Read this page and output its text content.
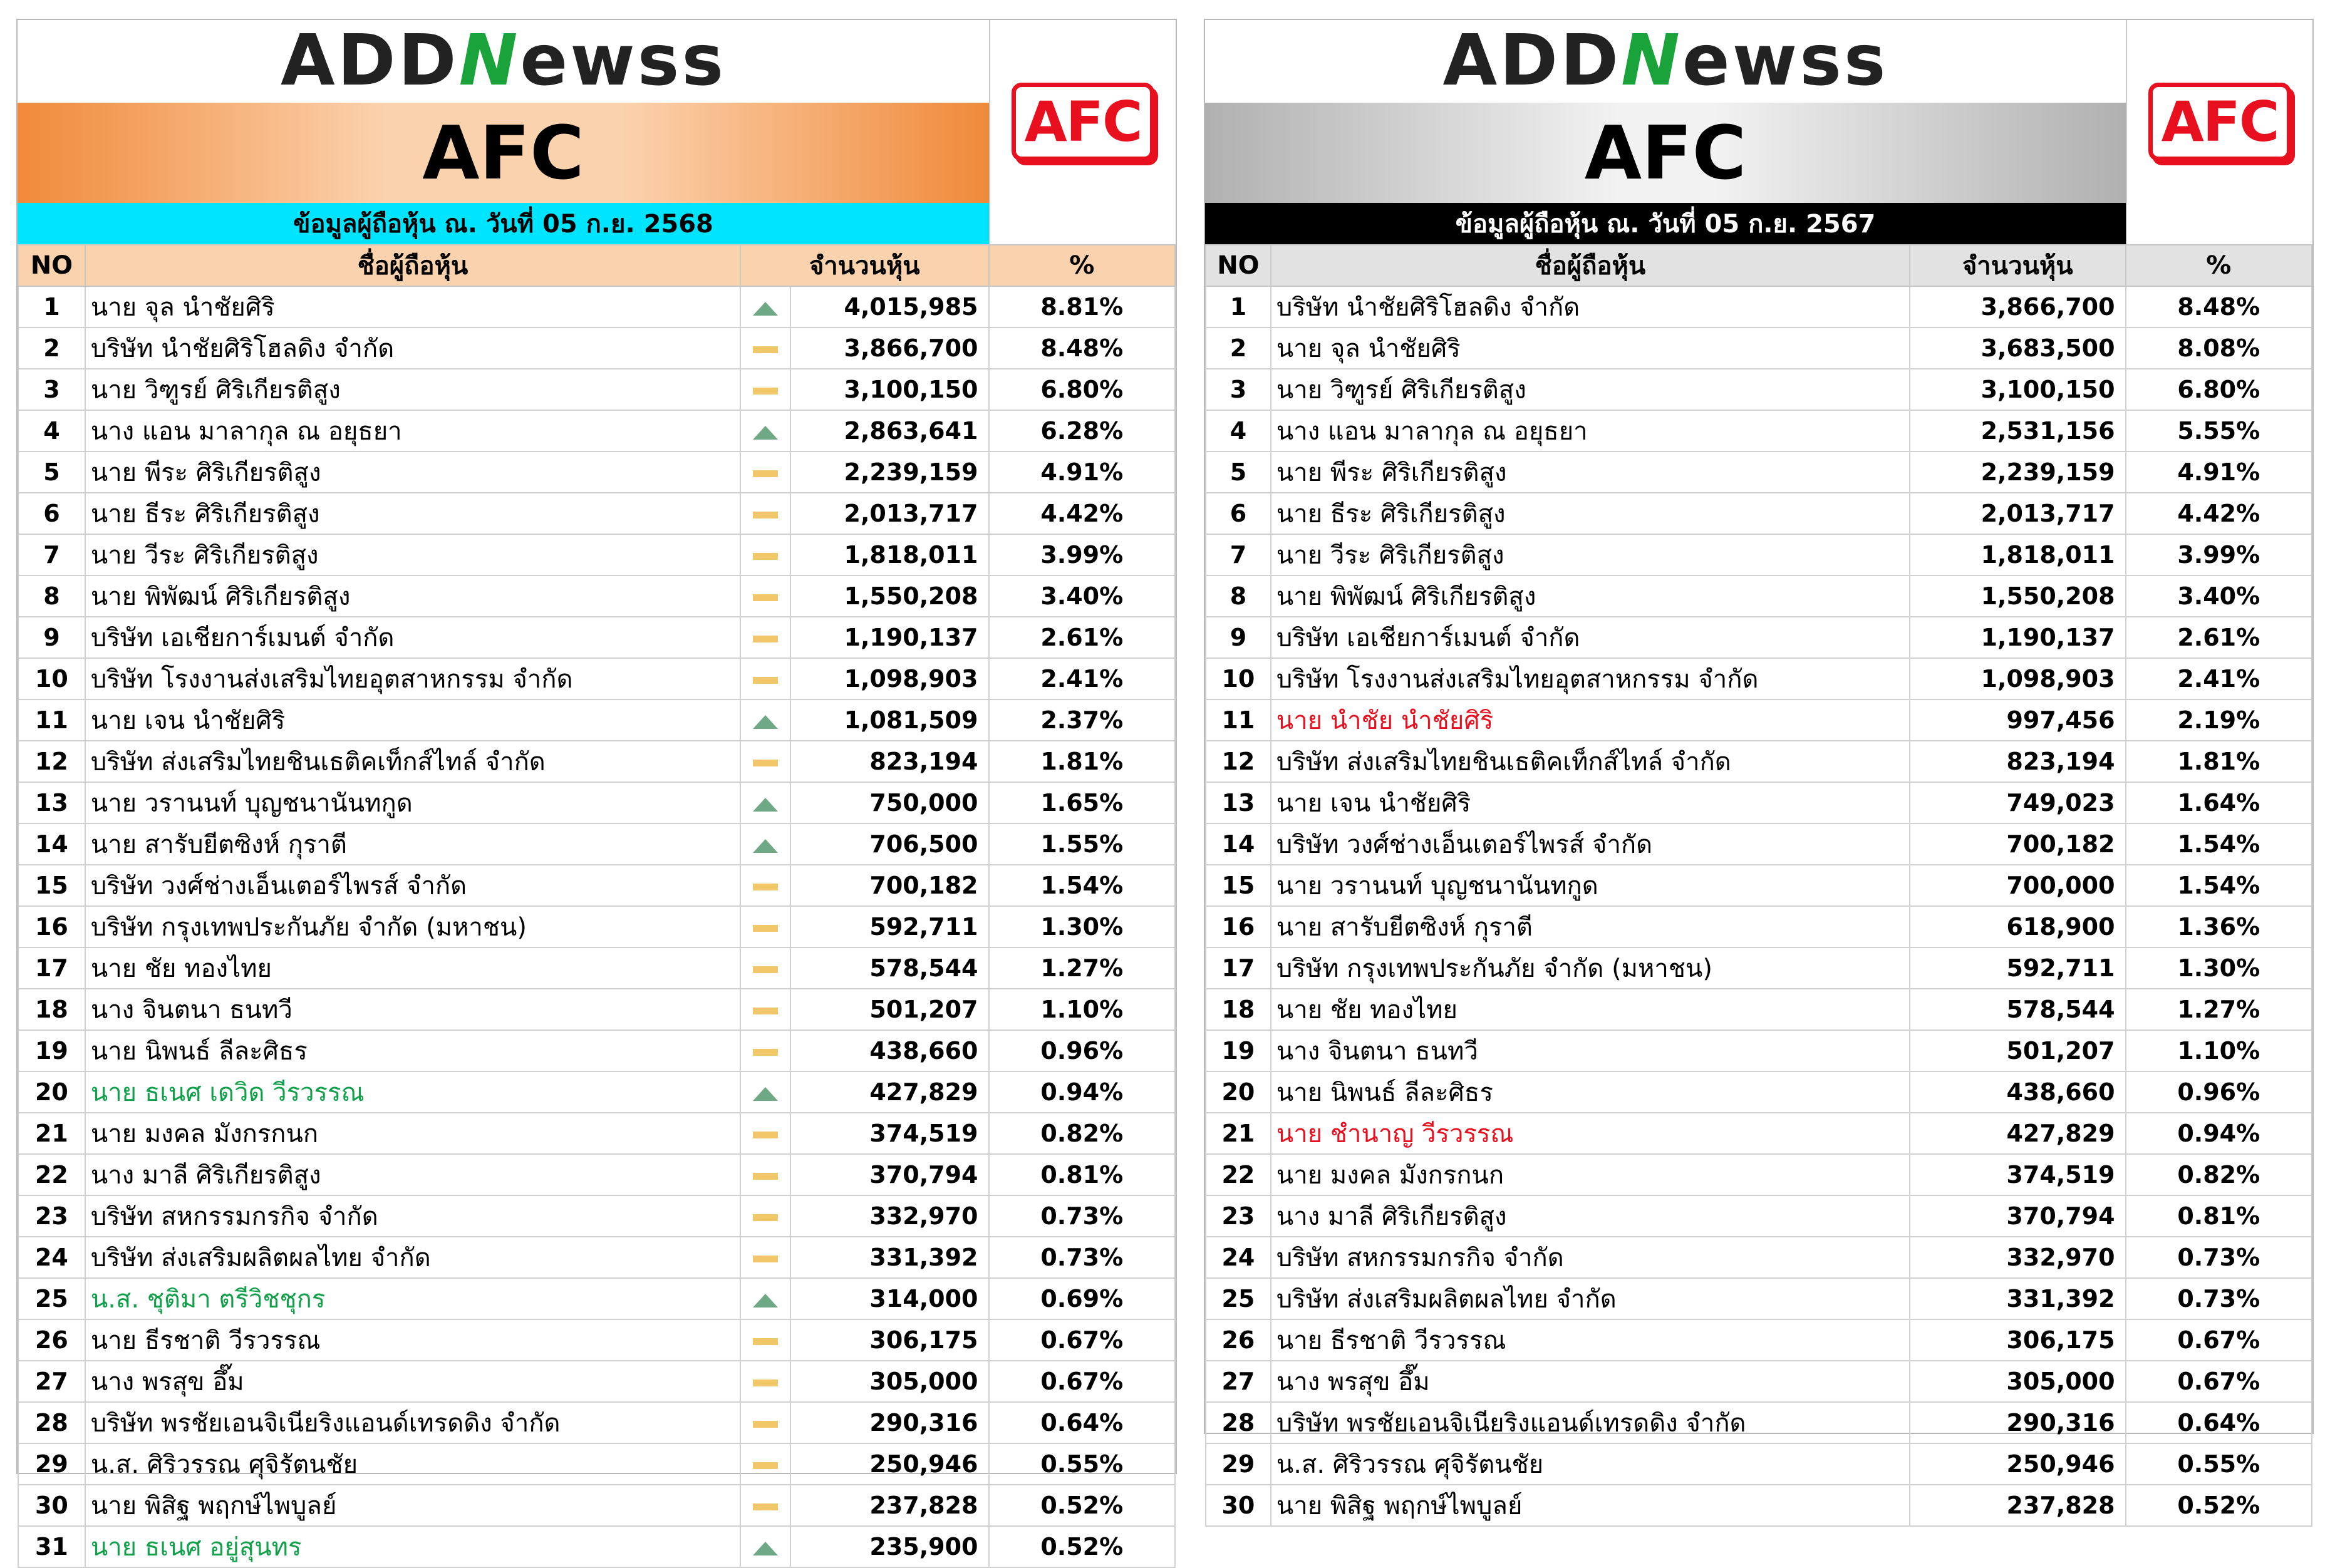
ADDNewss
AFC
ข้อมูลผู้ถือหุ้น ณ. วันที่ 05 ก.ย. 2568
AFC
NO	ชื่อผู้ถือหุ้น	จำนวนหุ้น		%
1	นาย จุล นำชัยศิริ		4,015,985	8.81%
2	บริษัท นำชัยศิริโฮลดิง จำกัด		3,866,700	8.48%
3	นาย วิฑูรย์ ศิริเกียรติสูง		3,100,150	6.80%
4	นาง แอน มาลากุล ณ อยุธยา		2,863,641	6.28%
5	นาย พีระ ศิริเกียรติสูง		2,239,159	4.91%
6	นาย ธีระ ศิริเกียรติสูง		2,013,717	4.42%
7	นาย วีระ ศิริเกียรติสูง		1,818,011	3.99%
8	นาย พิพัฒน์ ศิริเกียรติสูง		1,550,208	3.40%
9	บริษัท เอเชียการ์เมนต์ จำกัด		1,190,137	2.61%
10	บริษัท โรงงานส่งเสริมไทยอุตสาหกรรม จำกัด		1,098,903	2.41%
11	นาย เจน นำชัยศิริ		1,081,509	2.37%
12	บริษัท ส่งเสริมไทยชินเธติคเท็กส์ไทล์ จำกัด		823,194	1.81%
13	นาย วรานนท์ บุญชนานันทกูด		750,000	1.65%
14	นาย สารับยีตซิงห์ กุราตี		706,500	1.55%
15	บริษัท วงศ์ช่างเอ็นเตอร์ไพรส์ จำกัด		700,182	1.54%
16	บริษัท กรุงเทพประกันภัย จำกัด (มหาชน)		592,711	1.30%
17	นาย ชัย ทองไทย		578,544	1.27%
18	นาง จินตนา ธนทวี		501,207	1.10%
19	นาย นิพนธ์ ลีละศิธร		438,660	0.96%
20	นาย ธเนศ เดวิด วีรวรรณ		427,829	0.94%
21	นาย มงคล มังกรกนก		374,519	0.82%
22	นาง มาลี ศิริเกียรติสูง		370,794	0.81%
23	บริษัท สหกรรมกรกิจ จำกัด		332,970	0.73%
24	บริษัท ส่งเสริมผลิตผลไทย จำกัด		331,392	0.73%
25	น.ส. ชุติมา ตรีวิชชุกร		314,000	0.69%
26	นาย ธีรชาติ วีรวรรณ		306,175	0.67%
27	นาง พรสุข อึ๊ม		305,000	0.67%
28	บริษัท พรชัยเอนจิเนียริงแอนด์เทรดดิง จำกัด		290,316	0.64%
29	น.ส. ศิริวรรณ ศุจิรัตนชัย		250,946	0.55%
30	นาย พิสิฐ พฤกษ์ไพบูลย์		237,828	0.52%
31	นาย ธเนศ อยู่สุนทร		235,900	0.52%
ADDNewss
AFC
ข้อมูลผู้ถือหุ้น ณ. วันที่ 05 ก.ย. 2567
AFC
NO	ชื่อผู้ถือหุ้น	จำนวนหุ้น	%
1	บริษัท นำชัยศิริโฮลดิง จำกัด	3,866,700	8.48%
2	นาย จุล นำชัยศิริ	3,683,500	8.08%
3	นาย วิฑูรย์ ศิริเกียรติสูง	3,100,150	6.80%
4	นาง แอน มาลากุล ณ อยุธยา	2,531,156	5.55%
5	นาย พีระ ศิริเกียรติสูง	2,239,159	4.91%
6	นาย ธีระ ศิริเกียรติสูง	2,013,717	4.42%
7	นาย วีระ ศิริเกียรติสูง	1,818,011	3.99%
8	นาย พิพัฒน์ ศิริเกียรติสูง	1,550,208	3.40%
9	บริษัท เอเชียการ์เมนต์ จำกัด	1,190,137	2.61%
10	บริษัท โรงงานส่งเสริมไทยอุตสาหกรรม จำกัด	1,098,903	2.41%
11	นาย นำชัย นำชัยศิริ	997,456	2.19%
12	บริษัท ส่งเสริมไทยชินเธติคเท็กส์ไทล์ จำกัด	823,194	1.81%
13	นาย เจน นำชัยศิริ	749,023	1.64%
14	บริษัท วงศ์ช่างเอ็นเตอร์ไพรส์ จำกัด	700,182	1.54%
15	นาย วรานนท์ บุญชนานันทกูด	700,000	1.54%
16	นาย สารับยีตซิงห์ กุราตี	618,900	1.36%
17	บริษัท กรุงเทพประกันภัย จำกัด (มหาชน)	592,711	1.30%
18	นาย ชัย ทองไทย	578,544	1.27%
19	นาง จินตนา ธนทวี	501,207	1.10%
20	นาย นิพนธ์ ลีละศิธร	438,660	0.96%
21	นาย ชำนาญ วีรวรรณ	427,829	0.94%
22	นาย มงคล มังกรกนก	374,519	0.82%
23	นาง มาลี ศิริเกียรติสูง	370,794	0.81%
24	บริษัท สหกรรมกรกิจ จำกัด	332,970	0.73%
25	บริษัท ส่งเสริมผลิตผลไทย จำกัด	331,392	0.73%
26	นาย ธีรชาติ วีรวรรณ	306,175	0.67%
27	นาง พรสุข อึ๊ม	305,000	0.67%
28	บริษัท พรชัยเอนจิเนียริงแอนด์เทรดดิง จำกัด	290,316	0.64%
29	น.ส. ศิริวรรณ ศุจิรัตนชัย	250,946	0.55%
30	นาย พิสิฐ พฤกษ์ไพบูลย์	237,828	0.52%
